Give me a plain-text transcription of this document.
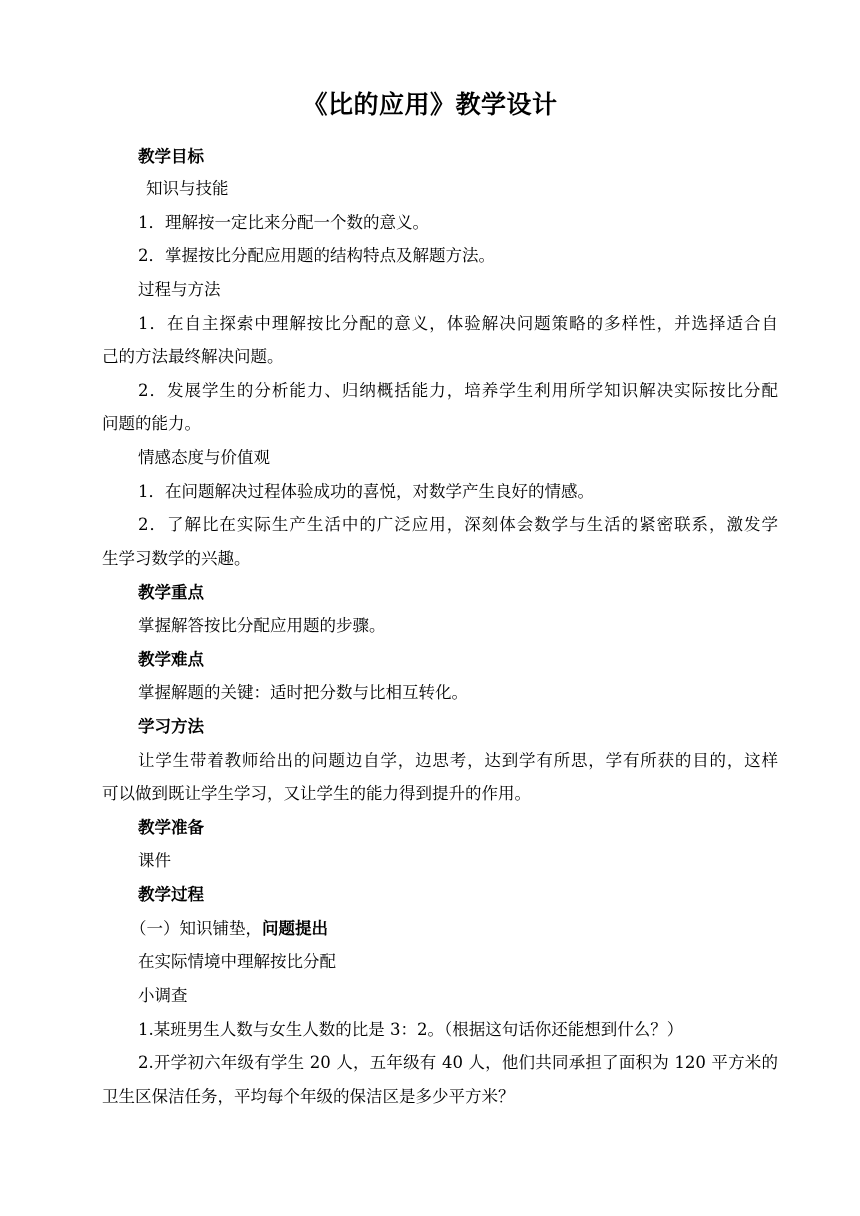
《比的应用》教学设计
教学目标
知识与技能
1．理解按一定比来分配一个数的意义。
2．掌握按比分配应用题的结构特点及解题方法。
过程与方法
1．在自主探索中理解按比分配的意义，体验解决问题策略的多样性，并选择适合自
己的方法最终解决问题。
2．发展学生的分析能力、归纳概括能力，培养学生利用所学知识解决实际按比分配
问题的能力。
情感态度与价值观
1．在问题解决过程体验成功的喜悦，对数学产生良好的情感。
2．了解比在实际生产生活中的广泛应用，深刻体会数学与生活的紧密联系，激发学
生学习数学的兴趣。
教学重点
掌握解答按比分配应用题的步骤。
教学难点
掌握解题的关键：适时把分数与比相互转化。
学习方法
让学生带着教师给出的问题边自学，边思考，达到学有所思，学有所获的目的，这样
可以做到既让学生学习，又让学生的能力得到提升的作用。
教学准备
课件
教学过程
（一）知识铺垫，问题提出
在实际情境中理解按比分配
小调查
1.某班男生人数与女生人数的比是 3：2。（根据这句话你还能想到什么？）
2.开学初六年级有学生 20 人，五年级有 40 人，他们共同承担了面积为 120 平方米的
卫生区保洁任务，平均每个年级的保洁区是多少平方米？
